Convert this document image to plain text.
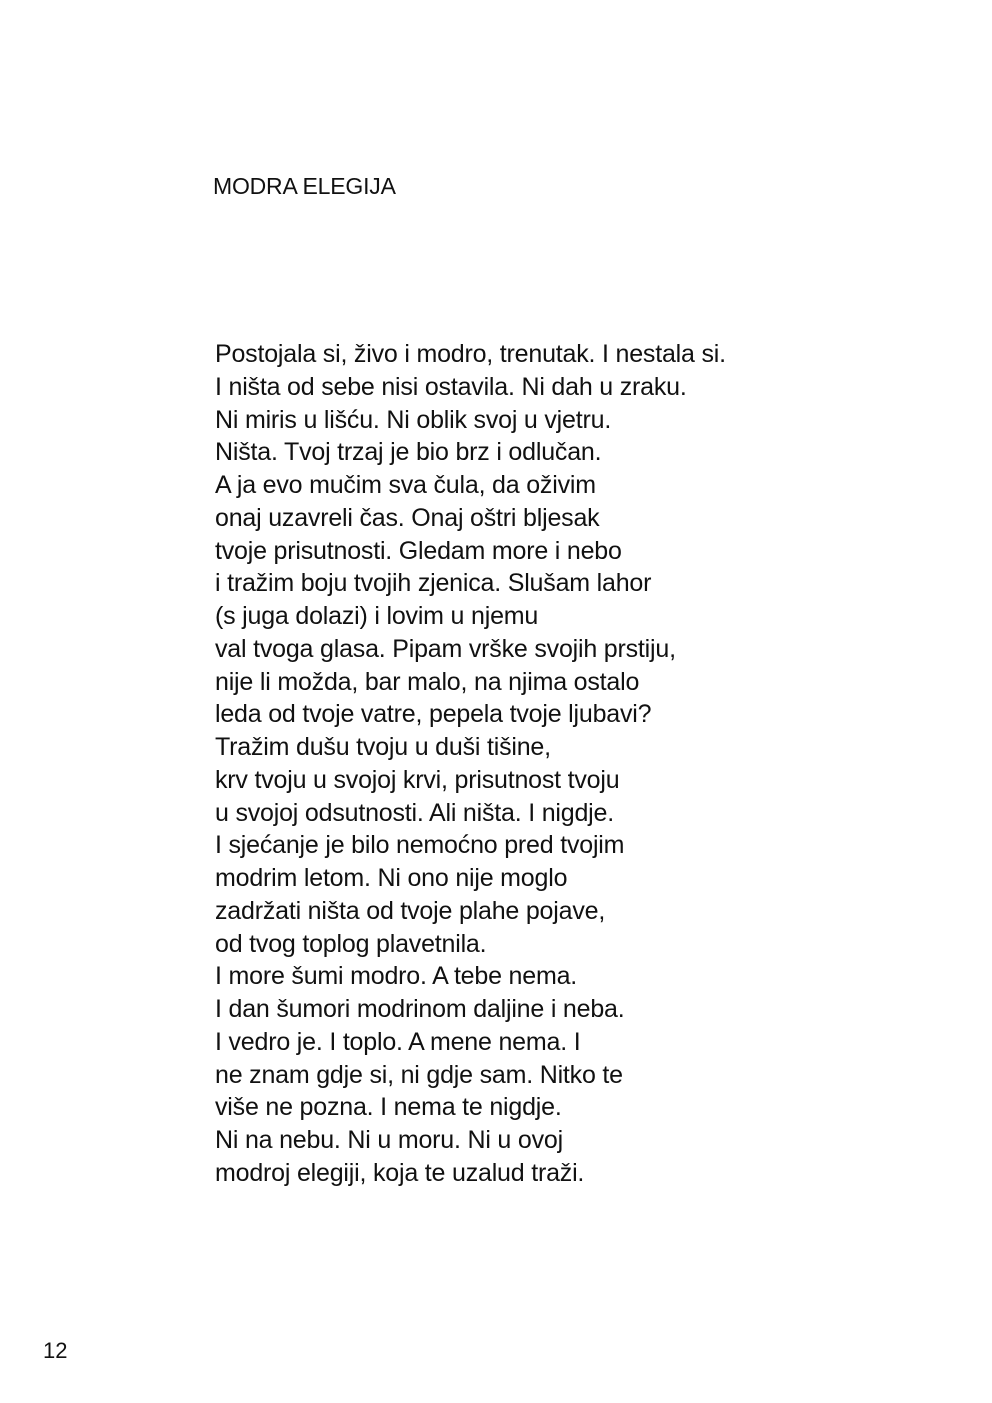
MODRA ELEGIJA
Postojala si, živo i modro, trenutak. I nestala si.
I ništa od sebe nisi ostavila. Ni dah u zraku.
Ni miris u lišću. Ni oblik svoj u vjetru.
Ništa. Tvoj trzaj je bio brz i odlučan.
A ja evo mučim sva čula, da oživim
onaj uzavreli čas. Onaj oštri bljesak
tvoje prisutnosti. Gledam more i nebo
i tražim boju tvojih zjenica. Slušam lahor
(s juga dolazi) i lovim u njemu
val tvoga glasa. Pipam vrške svojih prstiju,
nije li možda, bar malo, na njima ostalo
leda od tvoje vatre, pepela tvoje ljubavi?
Tražim dušu tvoju u duši tišine,
krv tvoju u svojoj krvi, prisutnost tvoju
u svojoj odsutnosti. Ali ništa. I nigdje.
I sjećanje je bilo nemoćno pred tvojim
modrim letom. Ni ono nije moglo
zadržati ništa od tvoje plahe pojave,
od tvog toplog plavetnila.
I more šumi modro. A tebe nema.
I dan šumori modrinom daljine i neba.
I vedro je. I toplo. A mene nema. I
ne znam gdje si, ni gdje sam. Nitko te
više ne pozna. I nema te nigdje.
Ni na nebu. Ni u moru. Ni u ovoj
modroj elegiji, koja te uzalud traži.
12
